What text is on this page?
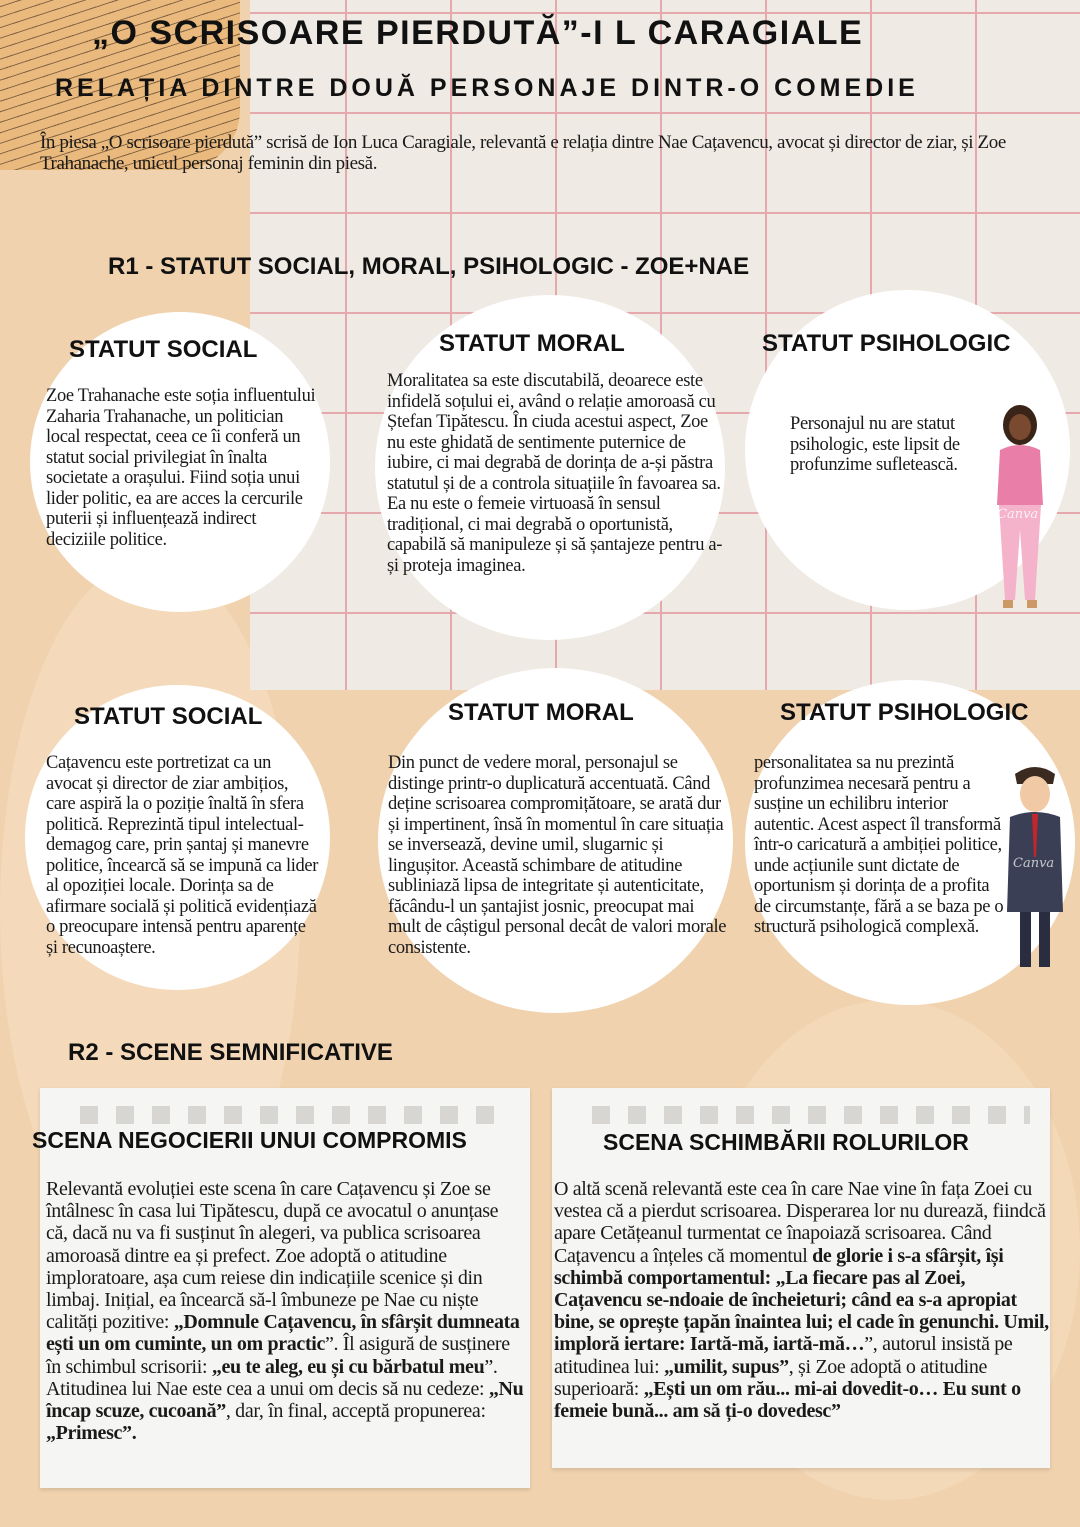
„O SCRISOARE PIERDUTĂ”-I L CARAGIALE
RELAȚIA DINTRE DOUĂ PERSONAJE DINTR-O COMEDIE
În piesa „O scrisoare pierdută” scrisă de Ion Luca Caragiale, relevantă e relația dintre Nae Cațavencu, avocat și director de ziar, și Zoe Trahanache, unicul personaj feminin din piesă.
R1 - STATUT SOCIAL, MORAL, PSIHOLOGIC - ZOE+NAE
STATUT SOCIAL
Zoe Trahanache este soția influentului Zaharia Trahanache, un politician local respectat, ceea ce îi conferă un statut social privilegiat în înalta societate a orașului. Fiind soția unui lider politic, ea are acces la cercurile puterii și influențează indirect deciziile politice.
STATUT MORAL
Moralitatea sa este discutabilă, deoarece este infidelă soțului ei, având o relație amoroasă cu Ștefan Tipătescu. În ciuda acestui aspect, Zoe nu este ghidată de sentimente puternice de iubire, ci mai degrabă de dorința de a-și păstra statutul și de a controla situațiile în favoarea sa. Ea nu este o femeie virtuoasă în sensul tradițional, ci mai degrabă o oportunistă, capabilă să manipuleze și să șantajeze pentru a-și proteja imaginea.
STATUT PSIHOLOGIC
Personajul nu are statut psihologic, este lipsit de profunzime sufletească.
Canva
STATUT SOCIAL
Cațavencu este portretizat ca un avocat și director de ziar ambițios, care aspiră la o poziție înaltă în sfera politică. Reprezintă tipul intelectual-demagog care, prin șantaj și manevre politice, încearcă să se impună ca lider al opoziției locale. Dorința sa de afirmare socială și politică evidențiază o preocupare intensă pentru aparențe și recunoaștere.
STATUT MORAL
Din punct de vedere moral, personajul se distinge printr-o duplicatură accentuată. Când deține scrisoarea compromițătoare, se arată dur și impertinent, însă în momentul în care situația se inversează, devine umil, slugarnic și lingușitor. Această schimbare de atitudine subliniază lipsa de integritate și autenticitate, făcându-l un șantajist josnic, preocupat mai mult de câștigul personal decât de valori morale consistente.
STATUT PSIHOLOGIC
personalitatea sa nu prezintă profunzimea necesară pentru a susține un echilibru interior autentic. Acest aspect îl transformă într-o caricatură a ambiției politice, unde acțiunile sunt dictate de oportunism și dorința de a profita de circumstanțe, fără a se baza pe o structură psihologică complexă.
Canva
R2 - SCENE SEMNIFICATIVE
SCENA NEGOCIERII UNUI COMPROMIS
Relevantă evoluției este scena în care Cațavencu și Zoe se întâlnesc în casa lui Tipătescu, după ce avocatul o anunțase că, dacă nu va fi susținut în alegeri, va publica scrisoarea amoroasă dintre ea și prefect. Zoe adoptă o atitudine imploratoare, așa cum reiese din indicațiile scenice și din limbaj. Inițial, ea încearcă să-l îmbuneze pe Nae cu niște calități pozitive: „Domnule Cațavencu, în sfârșit dumneata ești un om cuminte, un om practic”. Îl asigură de susținere în schimbul scrisorii: „eu te aleg, eu și cu bărbatul meu”. Atitudinea lui Nae este cea a unui om decis să nu cedeze: „Nu încap scuze, cucoană”, dar, în final, acceptă propunerea: „Primesc”.
SCENA SCHIMBĂRII ROLURILOR
O altă scenă relevantă este cea în care Nae vine în fața Zoei cu vestea că a pierdut scrisoarea. Disperarea lor nu durează, fiindcă apare Cetățeanul turmentat ce înapoiază scrisoarea. Când Cațavencu a înțeles că momentul de glorie i s-a sfârșit, își schimbă comportamentul: „La fiecare pas al Zoei, Cațavencu se-ndoaie de încheieturi; când ea s-a apropiat bine, se oprește țapăn înaintea lui; el cade în genunchi. Umil, imploră iertare: Iartă-mă, iartă-mă…”, autorul insistă pe atitudinea lui: „umilit, supus”, și Zoe adoptă o atitudine superioară: „Ești un om rău... mi-ai dovedit-o… Eu sunt o femeie bună... am să ți-o dovedesc”
